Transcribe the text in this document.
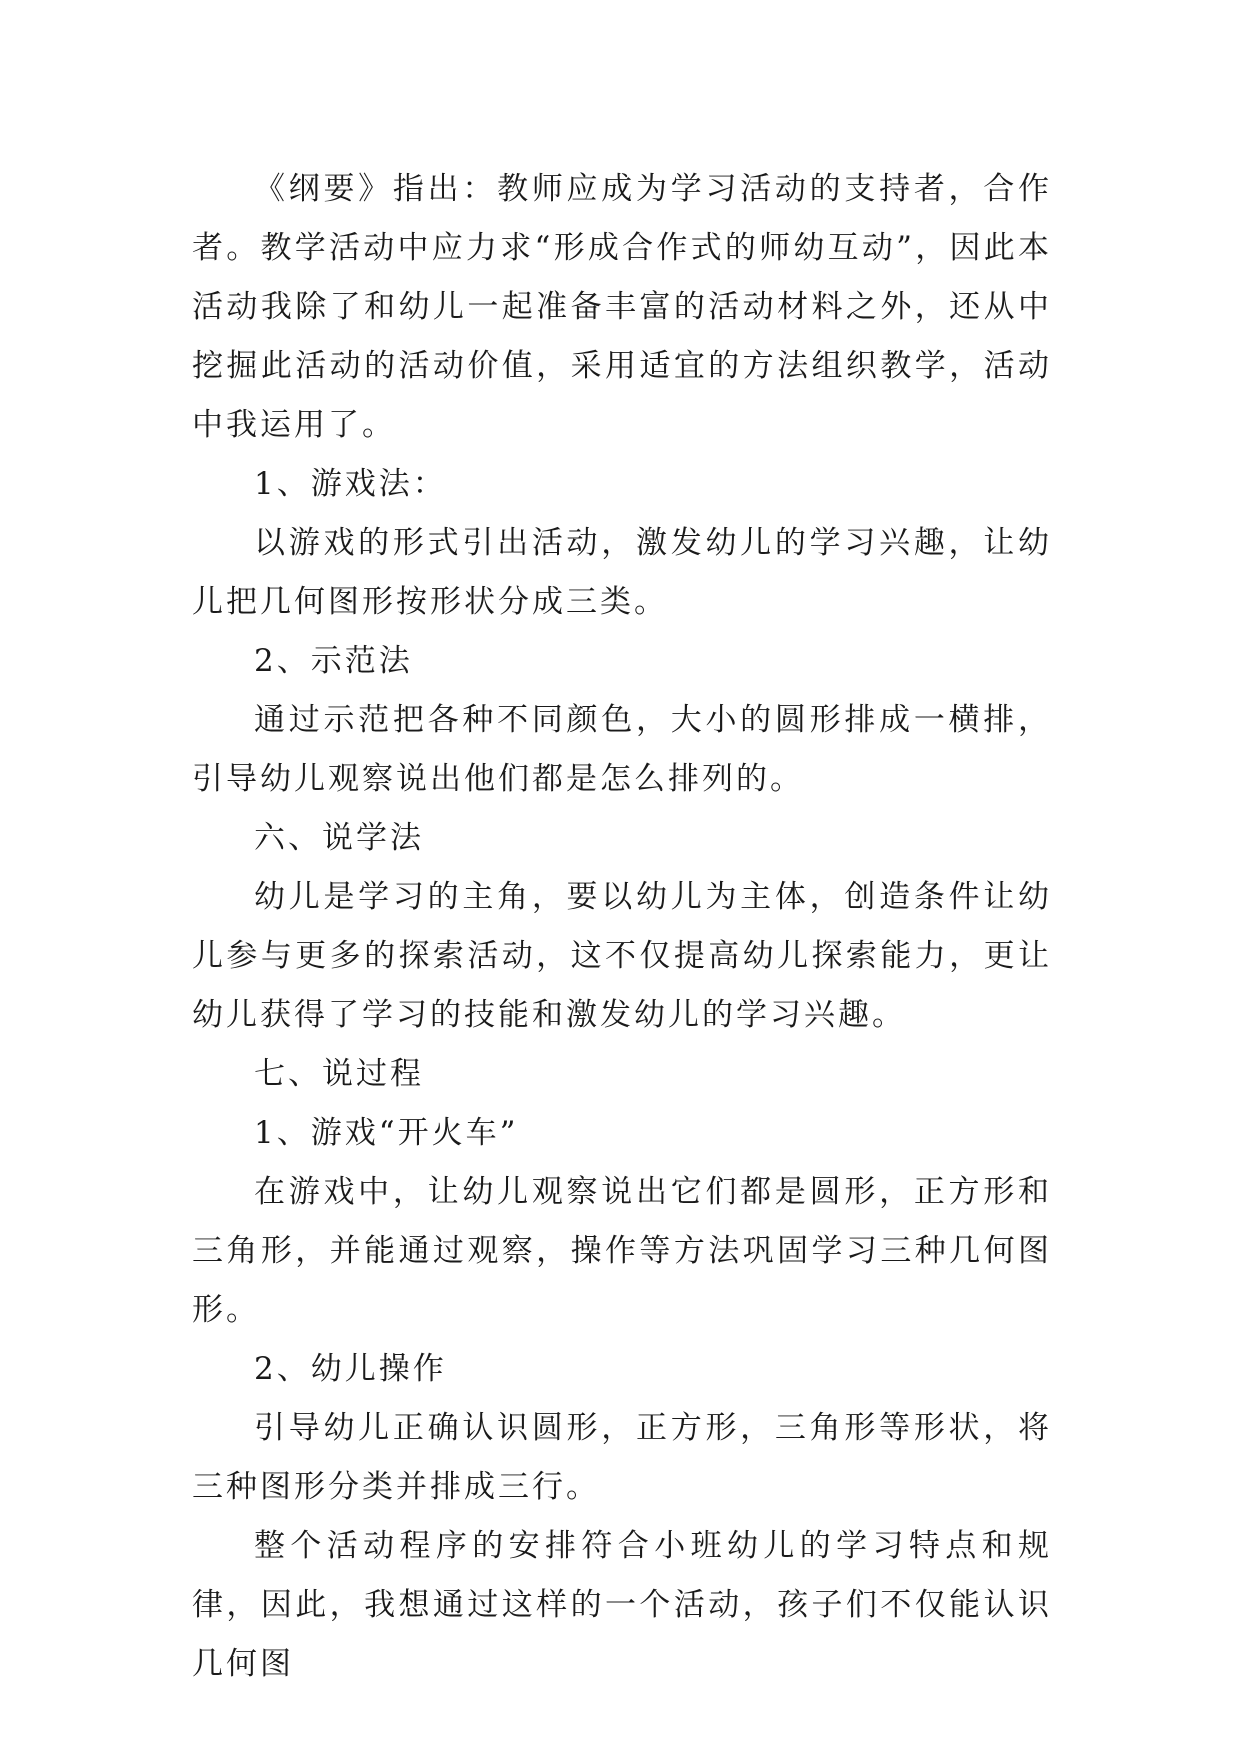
《纲要》指出：教师应成为学习活动的支持者，合作者。教学活动中应力求“形成合作式的师幼互动”，因此本活动我除了和幼儿一起准备丰富的活动材料之外，还从中挖掘此活动的活动价值，采用适宜的方法组织教学，活动中我运用了。

1、游戏法：

以游戏的形式引出活动，激发幼儿的学习兴趣，让幼儿把几何图形按形状分成三类。

2、示范法

通过示范把各种不同颜色，大小的圆形排成一横排，引导幼儿观察说出他们都是怎么排列的。

六、说学法

幼儿是学习的主角，要以幼儿为主体，创造条件让幼儿参与更多的探索活动，这不仅提高幼儿探索能力，更让幼儿获得了学习的技能和激发幼儿的学习兴趣。

七、说过程

1、游戏“开火车”

在游戏中，让幼儿观察说出它们都是圆形，正方形和三角形，并能通过观察，操作等方法巩固学习三种几何图形。

2、幼儿操作

引导幼儿正确认识圆形，正方形，三角形等形状，将三种图形分类并排成三行。

整个活动程序的安排符合小班幼儿的学习特点和规律，因此，我想通过这样的一个活动，孩子们不仅能认识几何图
